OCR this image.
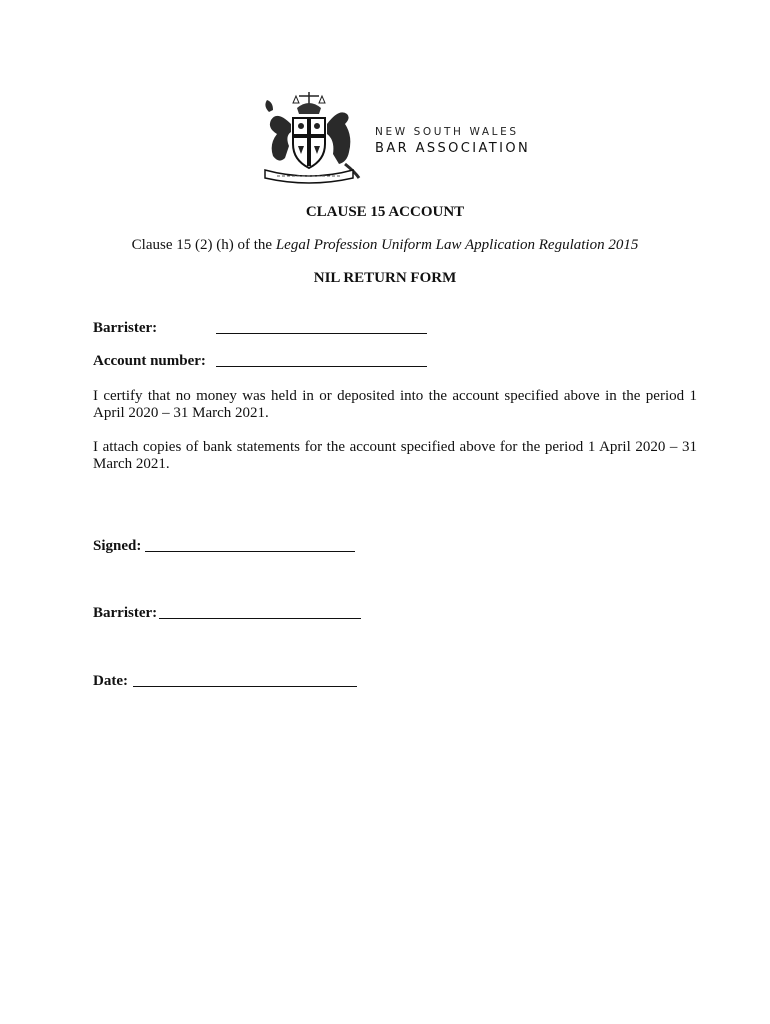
NEW SOUTH WALES
BAR ASSOCIATION
CLAUSE 15 ACCOUNT
Clause 15 (2) (h) of the Legal Profession Uniform Law Application Regulation 2015
NIL RETURN FORM
Barrister:
Account number:
I certify that no money was held in or deposited into the account specified above in the period 1 April 2020 – 31 March 2021.
I attach copies of bank statements for the account specified above for the period 1 April 2020 – 31 March 2021.
Signed:
Barrister:
Date:
